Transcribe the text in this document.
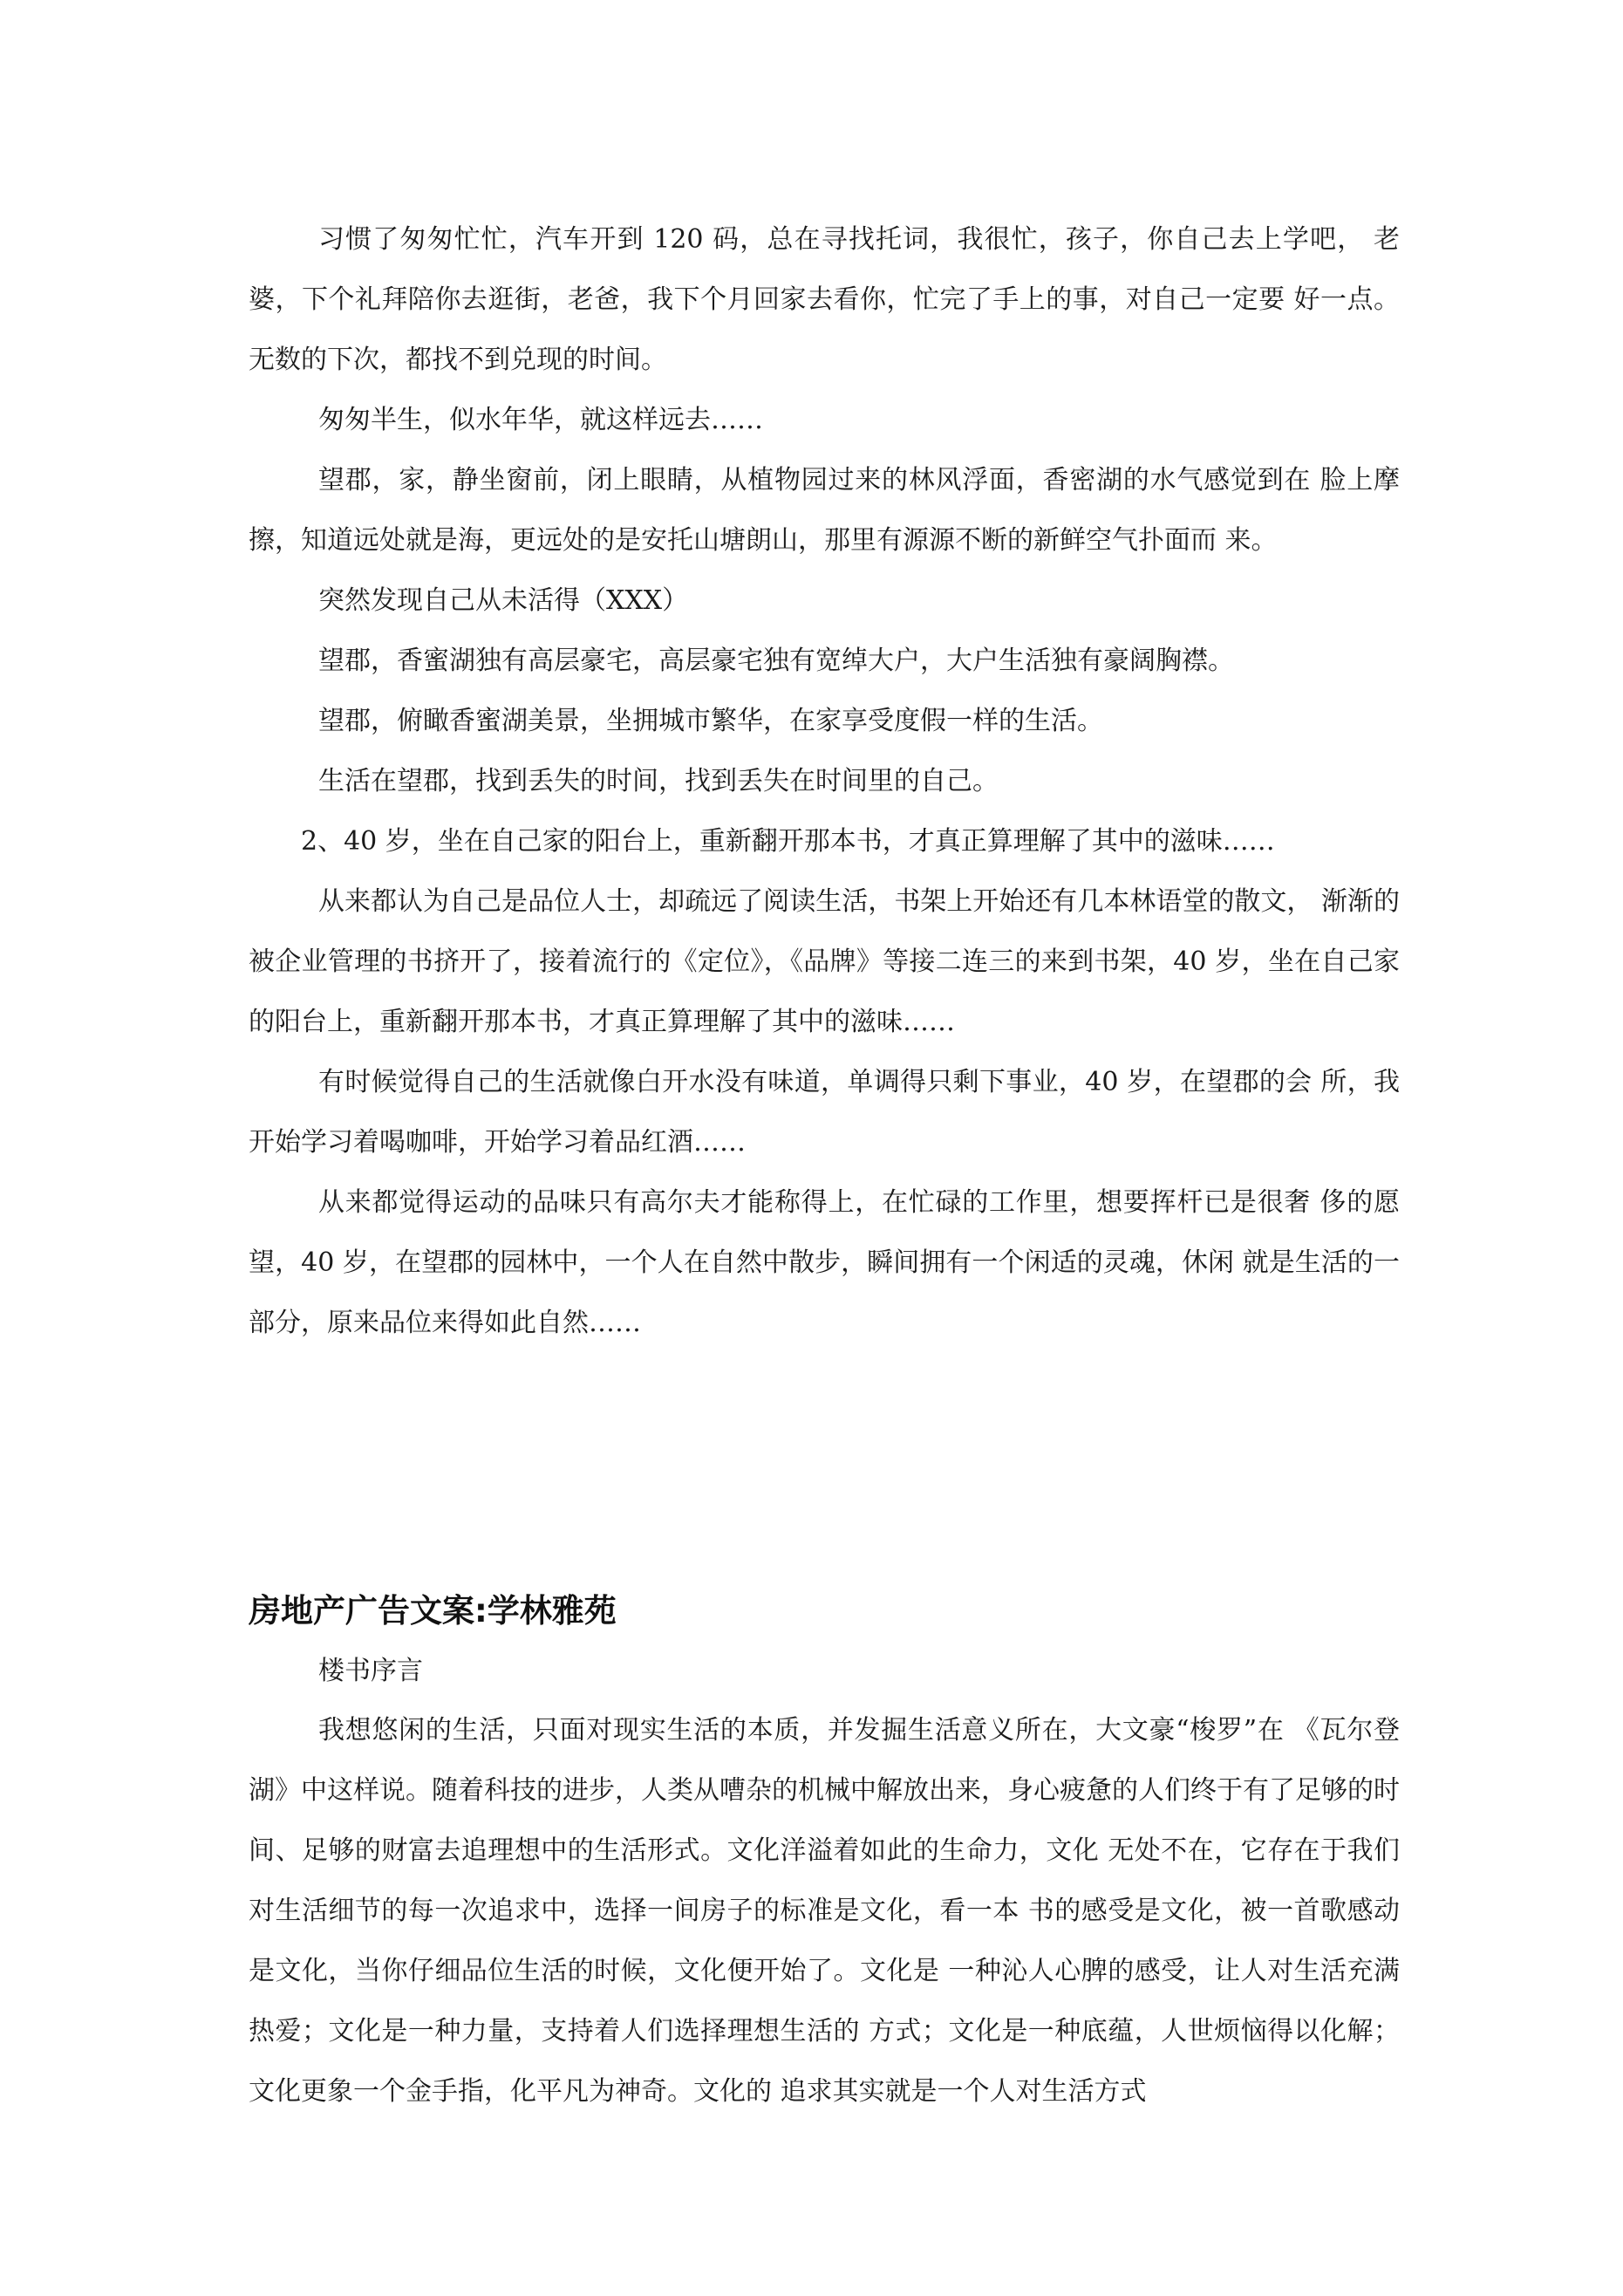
习惯了匆匆忙忙，汽车开到 120 码，总在寻找托词，我很忙，孩子，你自己去上学吧， 老婆，下个礼拜陪你去逛街，老爸，我下个月回家去看你，忙完了手上的事，对自己一定要 好一点。无数的下次，都找不到兑现的时间。

匆匆半生，似水年华，就这样远去……

望郡，家，静坐窗前，闭上眼睛，从植物园过来的林风浮面，香密湖的水气感觉到在 脸上摩擦，知道远处就是海，更远处的是安托山塘朗山，那里有源源不断的新鲜空气扑面而 来。

突然发现自己从未活得（XXX）

望郡，香蜜湖独有高层豪宅，高层豪宅独有宽绰大户，大户生活独有豪阔胸襟。

望郡，俯瞰香蜜湖美景，坐拥城市繁华，在家享受度假一样的生活。

生活在望郡，找到丢失的时间，找到丢失在时间里的自己。

2、40 岁，坐在自己家的阳台上，重新翻开那本书，才真正算理解了其中的滋味……

从来都认为自己是品位人士，却疏远了阅读生活，书架上开始还有几本林语堂的散文， 渐渐的被企业管理的书挤开了，接着流行的《定位》，《品牌》等接二连三的来到书架，40 岁，坐在自己家的阳台上，重新翻开那本书，才真正算理解了其中的滋味……

有时候觉得自己的生活就像白开水没有味道，单调得只剩下事业，40 岁，在望郡的会 所，我开始学习着喝咖啡，开始学习着品红酒……

从来都觉得运动的品味只有高尔夫才能称得上，在忙碌的工作里，想要挥杆已是很奢 侈的愿望，40 岁，在望郡的园林中，一个人在自然中散步，瞬间拥有一个闲适的灵魂，休闲 就是生活的一部分，原来品位来得如此自然……

房地产广告文案:学林雅苑

楼书序言

我想悠闲的生活，只面对现实生活的本质，并发掘生活意义所在，大文豪“梭罗”在 《瓦尔登湖》中这样说。随着科技的进步，人类从嘈杂的机械中解放出来，身心疲惫的人们终于有了足够的时间、足够的财富去追理想中的生活形式。文化洋溢着如此的生命力，文化 无处不在，它存在于我们对生活细节的每一次追求中，选择一间房子的标准是文化，看一本 书的感受是文化，被一首歌感动是文化，当你仔细品位生活的时候，文化便开始了。文化是 一种沁人心脾的感受，让人对生活充满热爱；文化是一种力量，支持着人们选择理想生活的 方式；文化是一种底蕴，人世烦恼得以化解；文化更象一个金手指，化平凡为神奇。文化的 追求其实就是一个人对生活方式
